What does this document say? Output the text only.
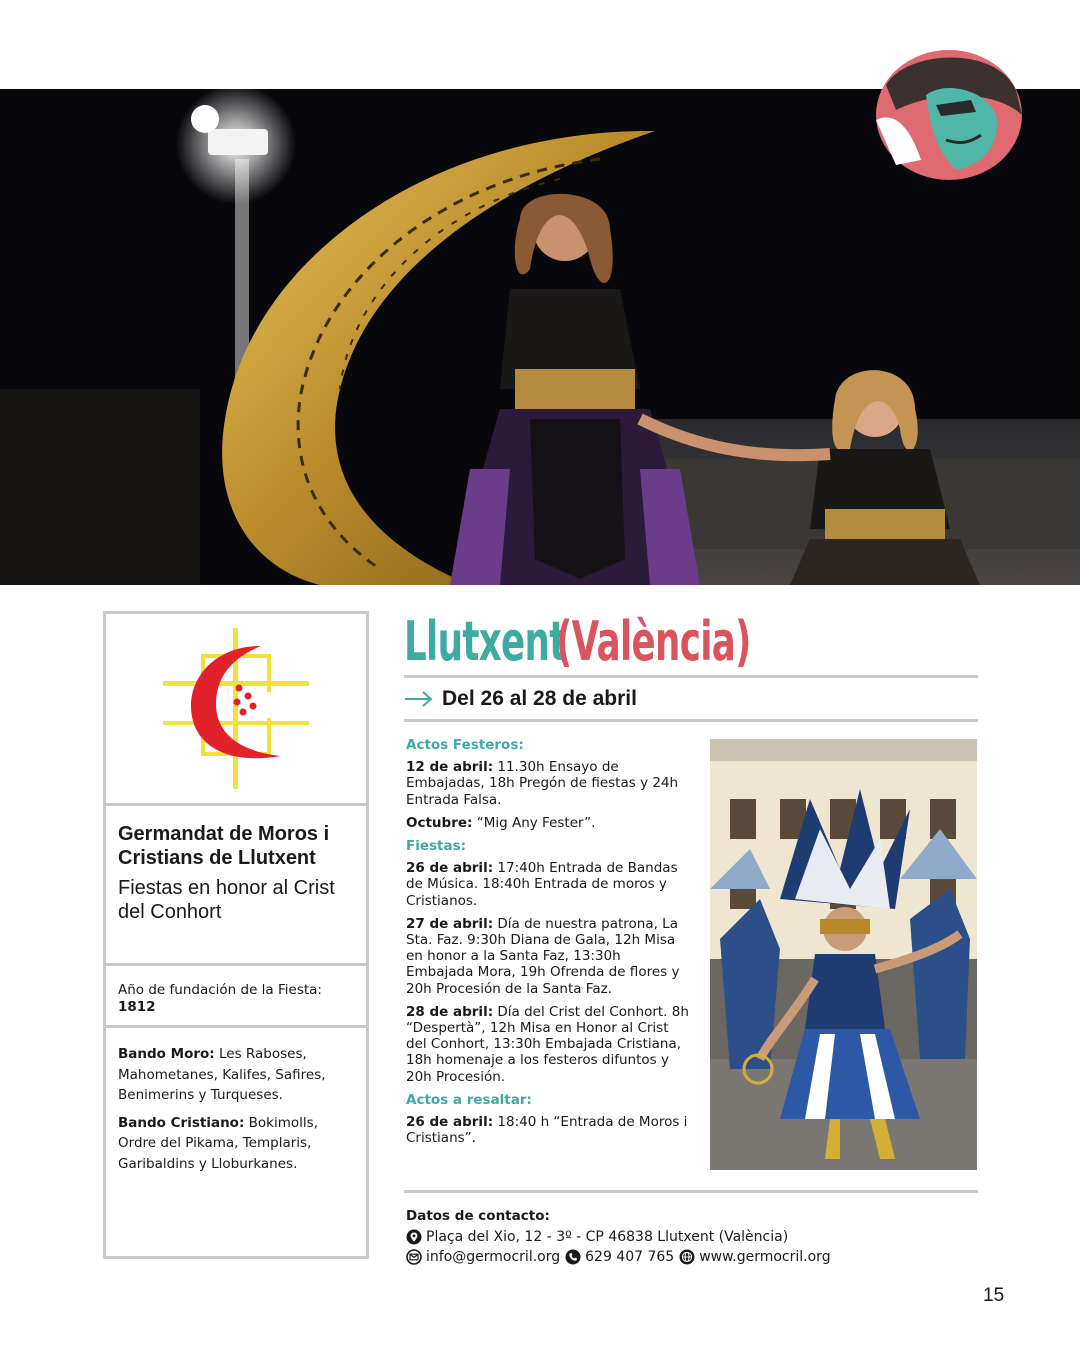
Germandat de Moros i Cristians de Llutxent
Fiestas en honor al Crist del Conhort
Año de fundación de la Fiesta: 1812

Bando Moro: Les Raboses, Mahometanes, Kalifes, Safires, Benimerins y Turqueses.

Bando Cristiano: Bokimolls, Ordre del Pikama, Templaris, Garibaldins y Lloburkanes.

Llutxent
(València)
Del 26 al 28 de abril
Actos Festeros:

12 de abril: 11.30h Ensayo de Embajadas, 18h Pregón de fiestas y 24h Entrada Falsa.

Octubre: “Mig Any Fester”.

Fiestas:

26 de abril: 17:40h Entrada de Bandas de Música. 18:40h Entrada de moros y Cristianos.

27 de abril: Día de nuestra patrona, La Sta. Faz. 9:30h Diana de Gala, 12h Misa en honor a la Santa Faz, 13:30h Embajada Mora, 19h Ofrenda de flores y 20h Procesión de la Santa Faz.

28 de abril: Día del Crist del Conhort. 8h “Despertà”, 12h Misa en Honor al Crist del Conhort, 13:30h Embajada Cristiana, 18h homenaje a los festeros difuntos y 20h Procesión.

Actos a resaltar:

26 de abril: 18:40 h “Entrada de Moros i Cristians”.

Datos de contacto:
Plaça del Xio, 12 - 3º - CP 46838 Llutxent (València)
info@germocril.org 629 407 765 www.germocril.org
15
